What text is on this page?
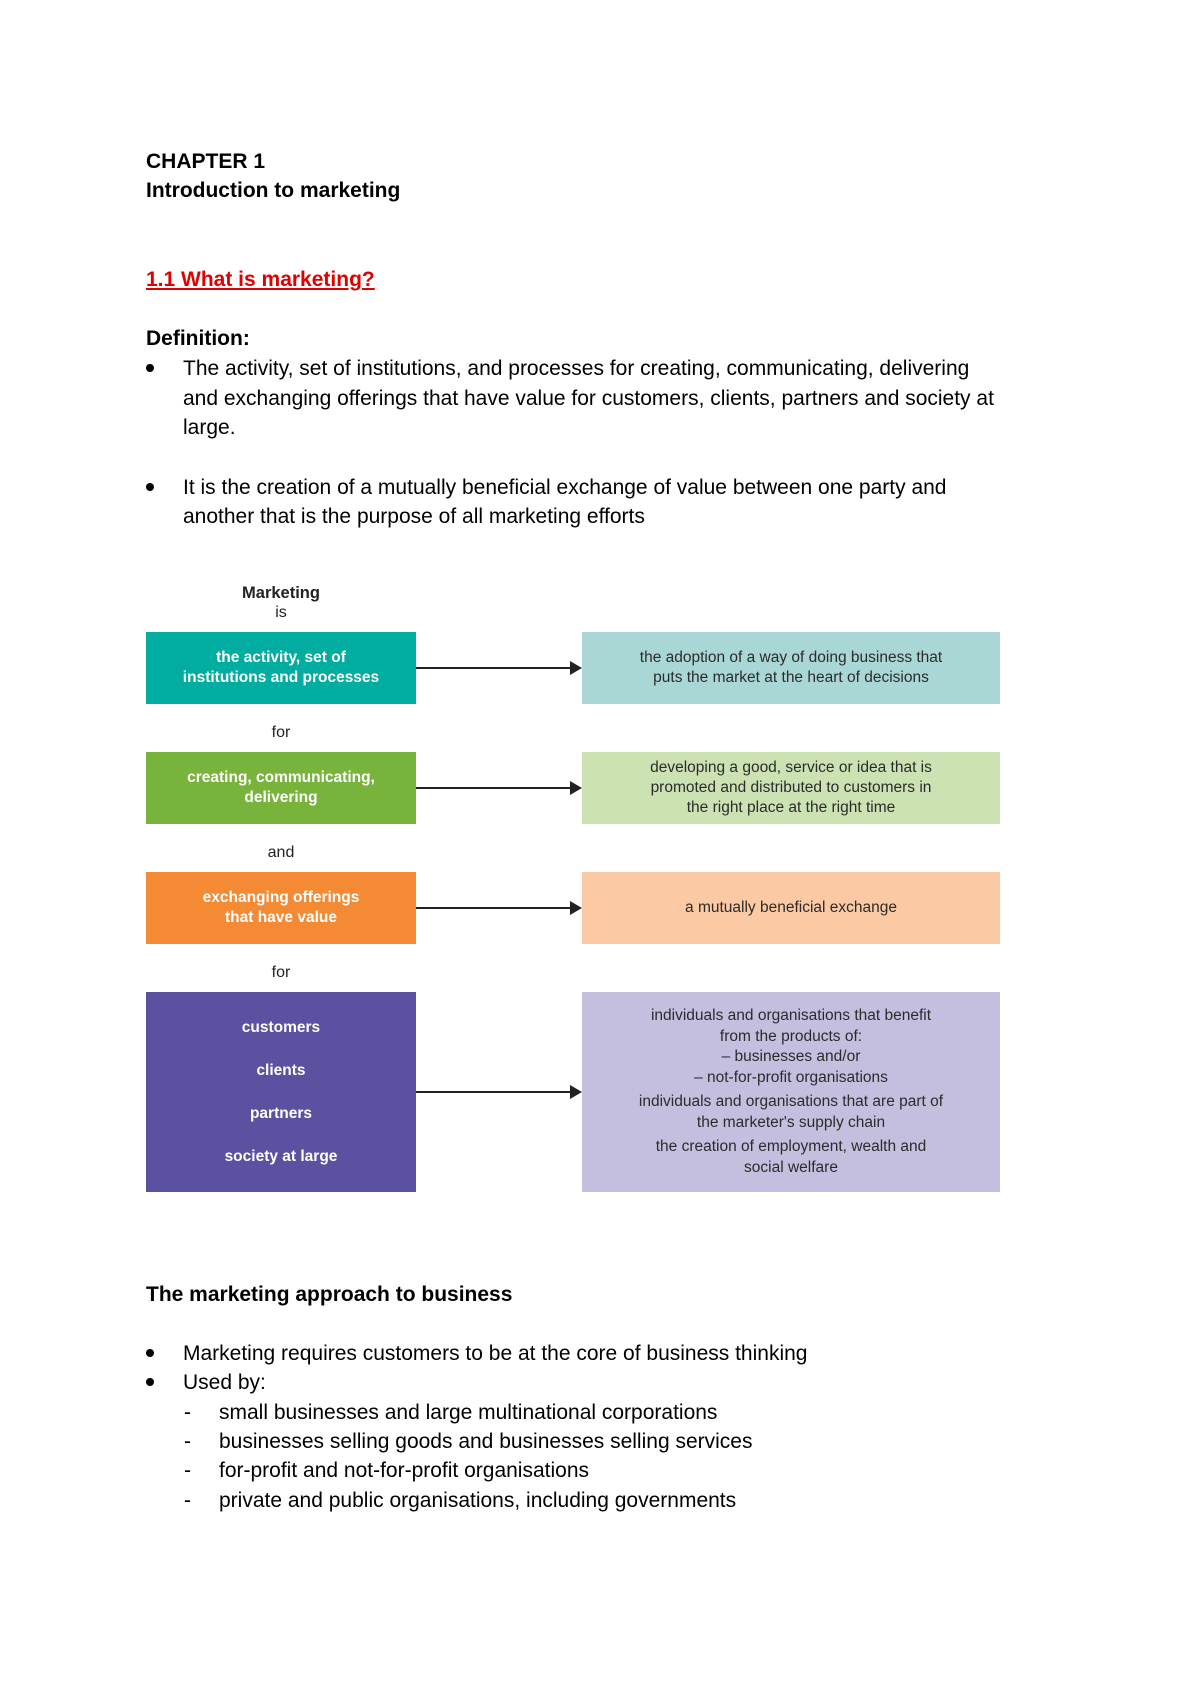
CHAPTER 1
Introduction to marketing
1.1 What is marketing?
Definition:
The activity, set of institutions, and processes for creating, communicating, delivering
and exchanging offerings that have value for customers, clients, partners and society at
large.
It is the creation of a mutually beneficial exchange of value between one party and
another that is the purpose of all marketing efforts
Marketing
is
the activity, set of
institutions and processes
the adoption of a way of doing business that
puts the market at the heart of decisions
for
creating, communicating,
delivering
developing a good, service or idea that is
promoted and distributed to customers in
the right place at the right time
and
exchanging offerings
that have value
a mutually beneficial exchange
for
customers
clients
partners
society at large
individuals and organisations that benefit
from the products of:
– businesses and/or
– not-for-profit organisations
individuals and organisations that are part of
the marketer's supply chain
the creation of employment, wealth and
social welfare
The marketing approach to business
Marketing requires customers to be at the core of business thinking
Used by:
- small businesses and large multinational corporations
- businesses selling goods and businesses selling services
- for-profit and not-for-profit organisations
- private and public organisations, including governments
